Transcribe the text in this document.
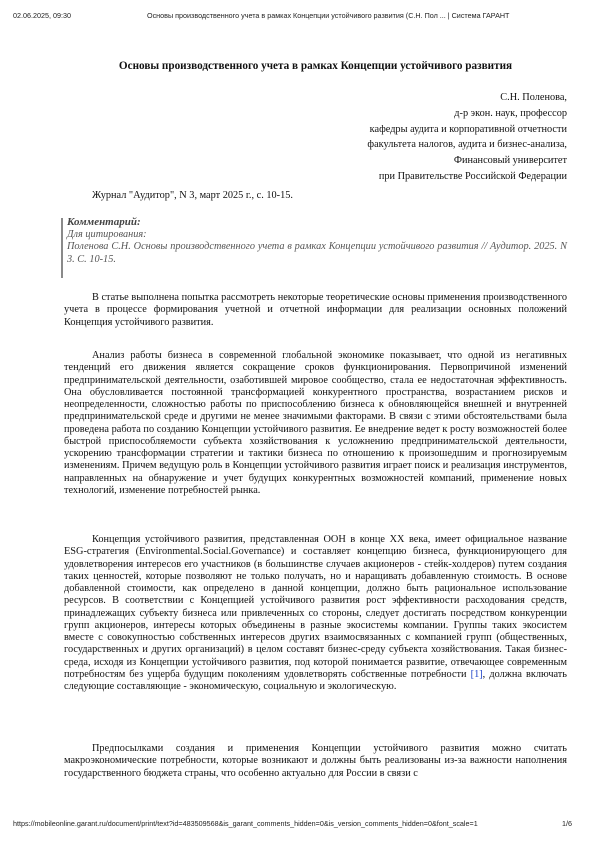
02.06.2025, 09:30	Основы производственного учета в рамках Концепции устойчивого развития (С.Н. Пол ... | Система ГАРАНТ
Основы производственного учета в рамках Концепции устойчивого развития
С.Н. Поленова,
д-р экон. наук, профессор
кафедры аудита и корпоративной отчетности
факультета налогов, аудита и бизнес-анализа,
Финансовый университет
при Правительстве Российской Федерации
Журнал "Аудитор", N 3, март 2025 г., с. 10-15.
Комментарий:
Для цитирования:
Поленова С.Н. Основы производственного учета в рамках Концепции устойчивого развития // Аудитор. 2025. N 3. С. 10-15.

В статье выполнена попытка рассмотреть некоторые теоретические основы применения производственного учета в процессе формирования учетной и отчетной информации для реализации основных положений Концепция устойчивого развития.

Анализ работы бизнеса в современной глобальной экономике показывает, что одной из негативных тенденций его движения является сокращение сроков функционирования. Первопричиной изменений предпринимательской деятельности, озаботившей мировое сообщество, стала ее недостаточная эффективность. Она обусловливается постоянной трансформацией конкурентного пространства, возрастанием рисков и неопределенности, сложностью работы по приспособлению бизнеса к обновляющейся внешней и внутренней предпринимательской среде и другими не менее значимыми факторами. В связи с этими обстоятельствами была проведена работа по созданию Концепции устойчивого развития. Ее внедрение ведет к росту возможностей более быстрой приспособляемости субъекта хозяйствования к усложнению предпринимательской деятельности, ускорению трансформации стратегии и тактики бизнеса по отношению к произошедшим и прогнозируемым изменениям. Причем ведущую роль в Концепции устойчивого развития играет поиск и реализация инструментов, направленных на обнаружение и учет будущих конкурентных возможностей компаний, применение новых технологий, изменение потребностей рынка.

Концепция устойчивого развития, представленная ООН в конце XX века, имеет официальное название ESG-стратегия (Environmental.Social.Governance) и составляет концепцию бизнеса, функционирующего для удовлетворения интересов его участников (в большинстве случаев акционеров - стейк-холдеров) путем создания таких ценностей, которые позволяют не только получать, но и наращивать добавленную стоимость. В основе добавленной стоимости, как определено в данной концепции, должно быть рациональное использование ресурсов. В соответствии с Концепцией устойчивого развития рост эффективности расходования средств, принадлежащих субъекту бизнеса или привлеченных со стороны, следует достигать посредством конкуренции групп акционеров, интересы которых объединены в разные экосистемы компании. Группы таких экосистем вместе с совокупностью собственных интересов других взаимосвязанных с компанией групп (общественных, государственных и других организаций) в целом составят бизнес-среду субъекта хозяйствования. Такая бизнес-среда, исходя из Концепции устойчивого развития, под которой понимается развитие, отвечающее современным потребностям без ущерба будущим поколениям удовлетворять собственные потребности [1], должна включать следующие составляющие - экономическую, социальную и экологическую.

Предпосылками создания и применения Концепции устойчивого развития можно считать макроэкономические потребности, которые возникают и должны быть реализованы из-за важности наполнения государственного бюджета страны, что особенно актуально для России в связи с

https://mobileonline.garant.ru/document/print/text?id=483509568&is_garant_comments_hidden=0&is_version_comments_hidden=0&font_scale=1	1/6
